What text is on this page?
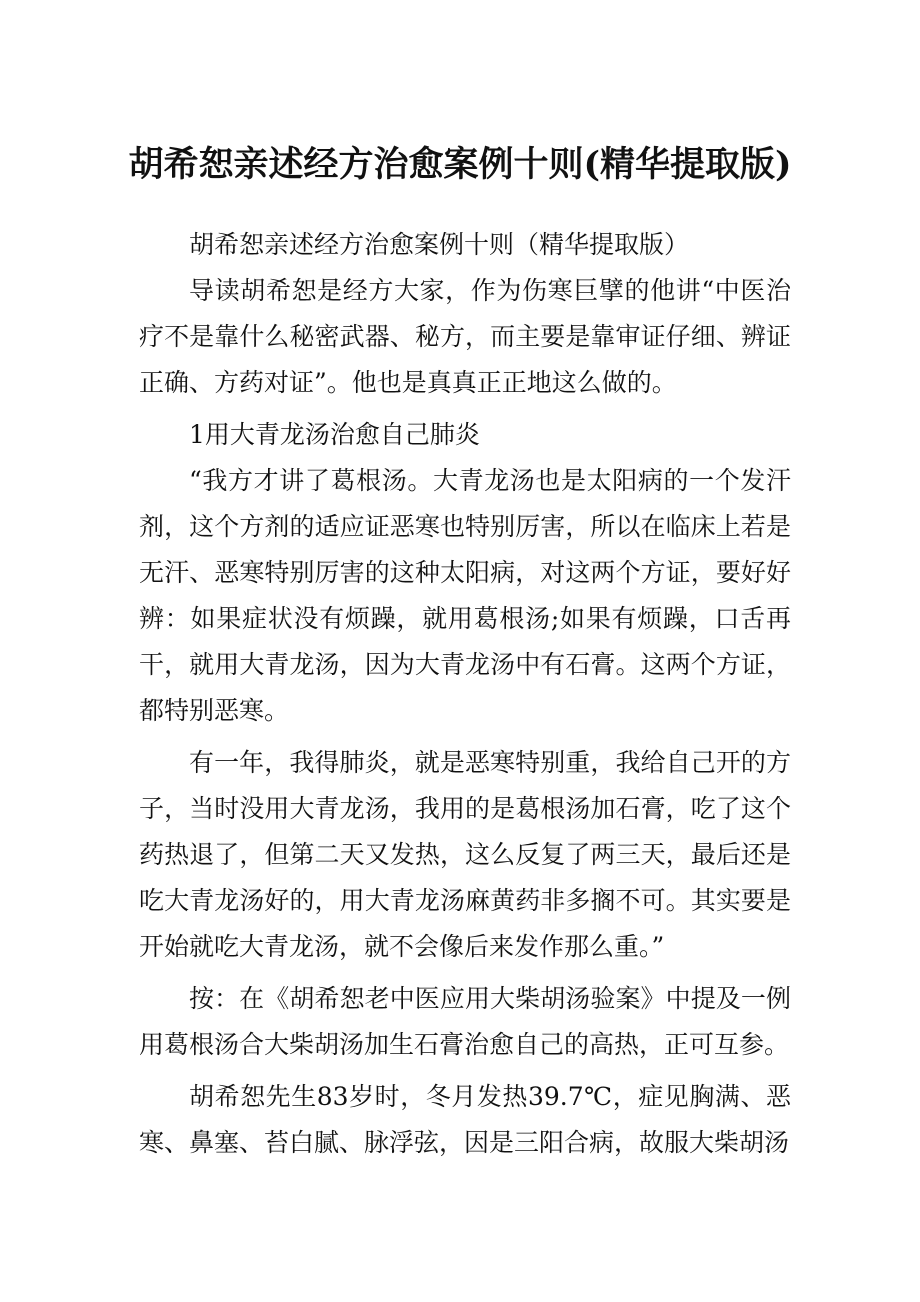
胡希恕亲述经方治愈案例十则(精华提取版)

胡希恕亲述经方治愈案例十则（精华提取版）

导读胡希恕是经方大家，作为伤寒巨擘的他讲“中医治疗不是靠什么秘密武器、秘方，而主要是靠审证仔细、辨证正确、方药对证”。他也是真真正正地这么做的。

1用大青龙汤治愈自己肺炎

“我方才讲了葛根汤。大青龙汤也是太阳病的一个发汗剂，这个方剂的适应证恶寒也特别厉害，所以在临床上若是无汗、恶寒特别厉害的这种太阳病，对这两个方证，要好好辨：如果症状没有烦躁，就用葛根汤;如果有烦躁，口舌再干，就用大青龙汤，因为大青龙汤中有石膏。这两个方证，都特别恶寒。

有一年，我得肺炎，就是恶寒特别重，我给自己开的方子，当时没用大青龙汤，我用的是葛根汤加石膏，吃了这个药热退了，但第二天又发热，这么反复了两三天，最后还是吃大青龙汤好的，用大青龙汤麻黄药非多搁不可。其实要是开始就吃大青龙汤，就不会像后来发作那么重。”

按：在《胡希恕老中医应用大柴胡汤验案》中提及一例用葛根汤合大柴胡汤加生石膏治愈自己的高热，正可互参。

胡希恕先生83岁时，冬月发热39.7℃，症见胸满、恶寒、鼻塞、苔白腻、脉浮弦，因是三阳合病，故服大柴胡汤
